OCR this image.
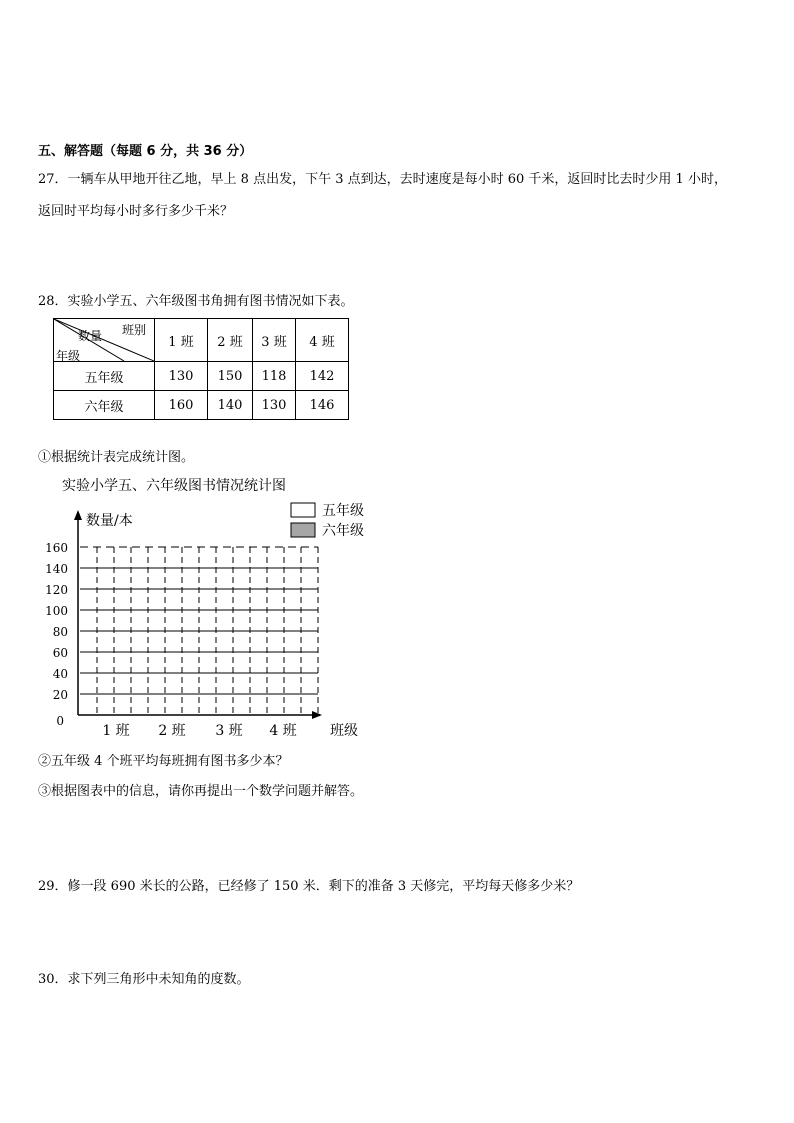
五、解答题（每题 6 分，共 36 分）
27．一辆车从甲地开往乙地，早上 8 点出发，下午 3 点到达，去时速度是每小时 60 千米，返回时比去时少用 1 小时，
返回时平均每小时多行多少千米？
28．实验小学五、六年级图书角拥有图书情况如下表。
班别
数量
年级	1 班	2 班	3 班	4 班
五年级	130	150	118	142
六年级	160	140	130	146
①根据统计表完成统计图。
实验小学五、六年级图书情况统计图
0
20
40
60
80
100
120
140
160
数量/本
班级
1 班 2 班 3 班 4 班
五年级
六年级
②五年级 4 个班平均每班拥有图书多少本？
③根据图表中的信息，请你再提出一个数学问题并解答。
29．修一段 690 米长的公路，已经修了 150 米．剩下的准备 3 天修完，平均每天修多少米？
30．求下列三角形中未知角的度数。
